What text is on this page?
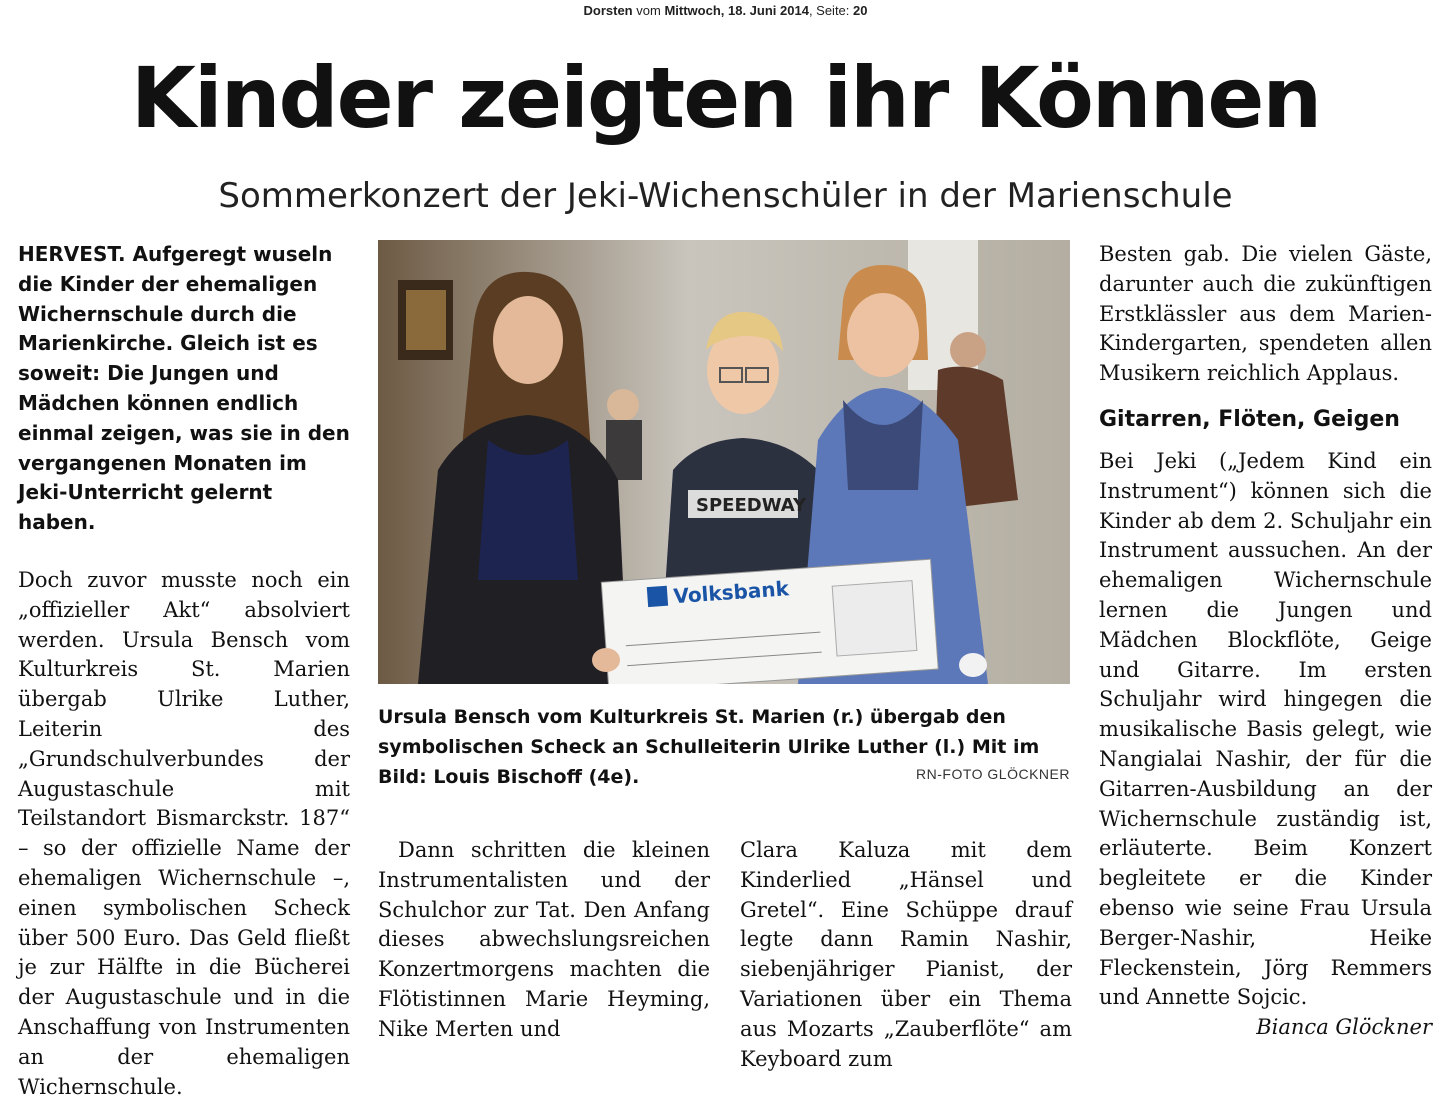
Dorsten vom Mittwoch, 18. Juni 2014, Seite: 20
Kinder zeigten ihr Können
Sommerkonzert der Jeki-Wichenschüler in der Marienschule

HERVEST. Aufgeregt wuseln die Kinder der ehemaligen Wichernschule durch die Marienkirche. Gleich ist es soweit: Die Jungen und Mädchen können endlich einmal zeigen, was sie in den vergangenen Monaten im Jeki-Unterricht gelernt haben.

Doch zuvor musste noch ein „offizieller Akt“ absolviert werden. Ursula Bensch vom Kulturkreis St. Marien übergab Ulrike Luther, Leiterin des „Grundschulverbundes der Augustaschule mit Teilstandort Bismarckstr. 187“ – so der offizielle Name der ehemaligen Wichernschule –, einen symbolischen Scheck über 500 Euro. Das Geld fließt je zur Hälfte in die Bücherei der Augustaschule und in die Anschaffung von Instrumenten an der ehemaligen Wichernschule.

SPEEDWAY
Volksbank
Ursula Bensch vom Kulturkreis St. Marien (r.) übergab den symbolischen Scheck an Schulleiterin Ulrike Luther (l.) Mit im Bild: Louis Bischoff (4e).	RN-FOTO GLÖCKNER

Dann schritten die kleinen Instrumentalisten und der Schulchor zur Tat. Den Anfang dieses abwechslungsreichen Konzertmorgens machten die Flötistinnen Marie Heyming, Nike Merten und

Clara Kaluza mit dem Kinderlied „Hänsel und Gretel“. Eine Schüppe drauf legte dann Ramin Nashir, siebenjähriger Pianist, der Variationen über ein Thema aus Mozarts „Zauberflöte“ am Keyboard zum

Besten gab. Die vielen Gäste, darunter auch die zukünftigen Erstklässler aus dem Marien-Kindergarten, spendeten allen Musikern reichlich Applaus.

Gitarren, Flöten, Geigen

Bei Jeki („Jedem Kind ein Instrument“) können sich die Kinder ab dem 2. Schuljahr ein Instrument aussuchen. An der ehemaligen Wichernschule lernen die Jungen und Mädchen Blockflöte, Geige und Gitarre. Im ersten Schuljahr wird hingegen die musikalische Basis gelegt, wie Nangialai Nashir, der für die Gitarren-Ausbildung an der Wichernschule zuständig ist, erläuterte. Beim Konzert begleitete er die Kinder ebenso wie seine Frau Ursula Berger-Nashir, Heike Fleckenstein, Jörg Remmers und Annette Sojcic.

Bianca Glöckner
